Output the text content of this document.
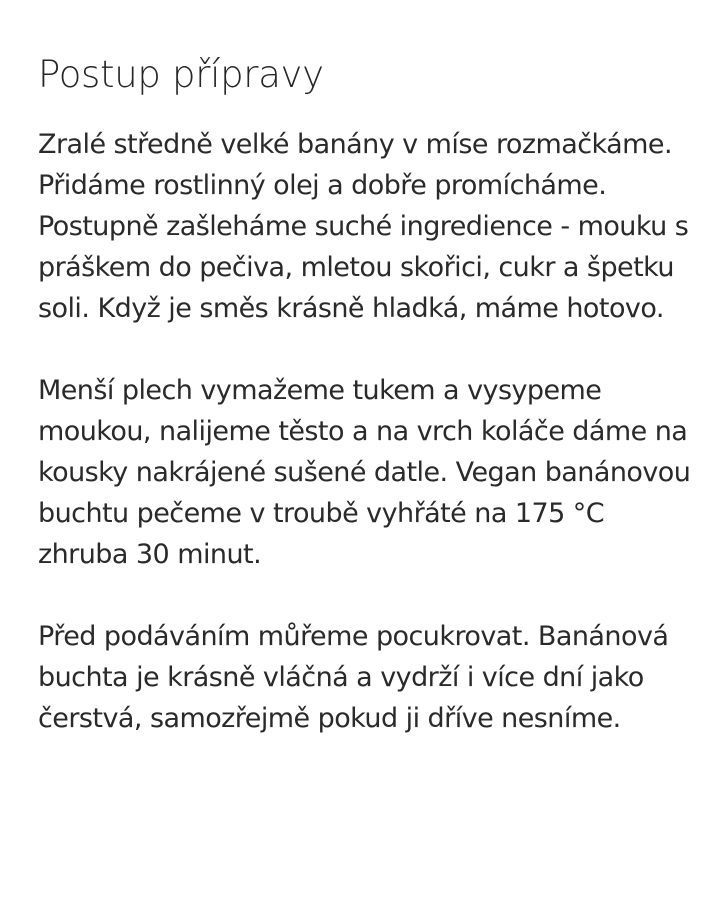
Postup přípravy

Zralé středně velké banány v míse rozmačkáme. Přidáme rostlinný olej a dobře promícháme. Postupně zašleháme suché ingredience - mouku s práškem do pečiva, mletou skořici, cukr a špetku soli. Když je směs krásně hladká, máme hotovo.

Menší plech vymažeme tukem a vysypeme moukou, nalijeme těsto a na vrch koláče dáme na kousky nakrájené sušené datle. Vegan banánovou buchtu pečeme v troubě vyhřáté na 175 °C zhruba 30 minut.

Před podáváním můřeme pocukrovat. Banánová buchta je krásně vláčná a vydrží i více dní jako čerstvá, samozřejmě pokud ji dříve nesníme.
